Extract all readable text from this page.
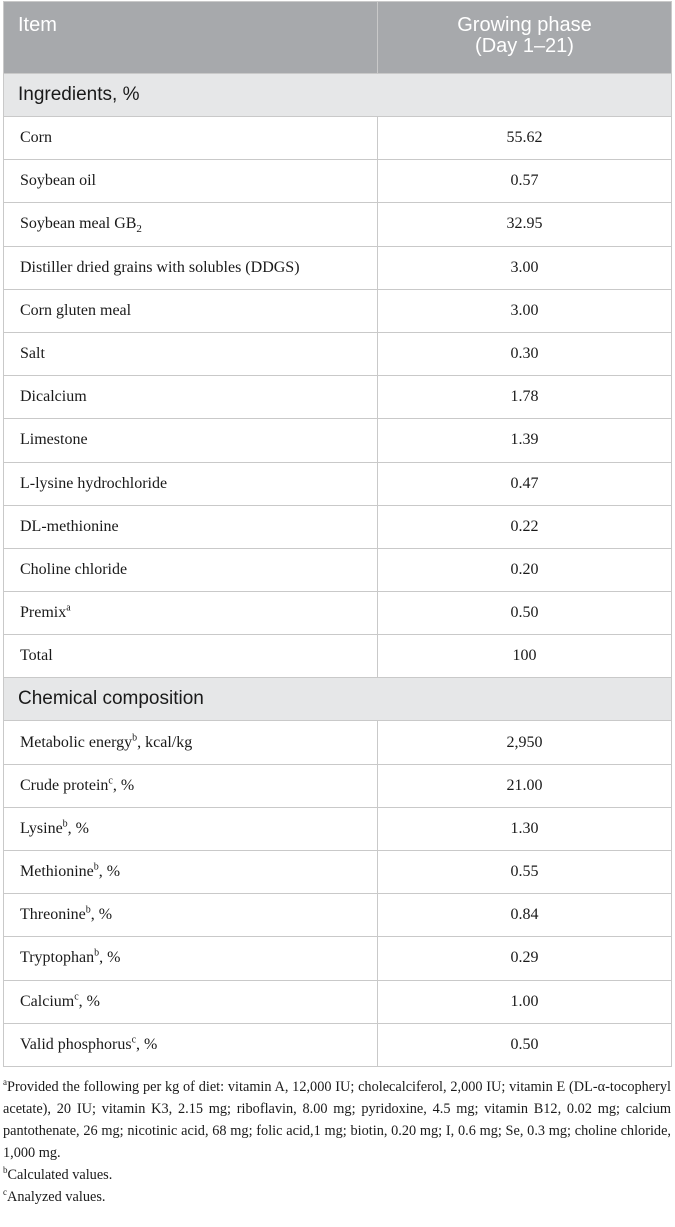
Item	Growing phase
(Day 1–21)

Ingredients, %	
Corn	55.62
Soybean oil	0.57
Soybean meal $GB_2$	32.95
Distiller dried grains with solubles (DDGS)	3.00
Corn gluten meal	3.00
Salt	0.30
Dicalcium	1.78
Limestone	1.39
L-lysine hydrochloride	0.47
DL-methionine	0.22
Choline chloride	0.20
Premix$^a$	0.50
Total	100
Chemical composition	
Metabolic energy$^b$, kcal/kg	2,950
Crude protein$^c$, %	21.00
Lysine$^b$, %	1.30
Methionine$^b$, %	0.55
Threonine$^b$, %	0.84
Tryptophan$^b$, %	0.29
Calcium$^c$, %	1.00
Valid phosphorus$^c$, %	0.50

$^a$Provided the following per kg of diet: vitamin A, 12,000 IU; cholecalciferol, 2,000 IU; vitamin E (DL-α-tocopheryl acetate), 20 IU; vitamin K3, 2.15 mg; riboflavin, 8.00 mg; pyridoxine, 4.5 mg; vitamin B12, 0.02 mg; calcium pantothenate, 26 mg; nicotinic acid, 68 mg; folic acid,1 mg; biotin, 0.20 mg; I, 0.6 mg; Se, 0.3 mg; choline chloride, 1,000 mg.

$^b$Calculated values.

$^c$Analyzed values.
